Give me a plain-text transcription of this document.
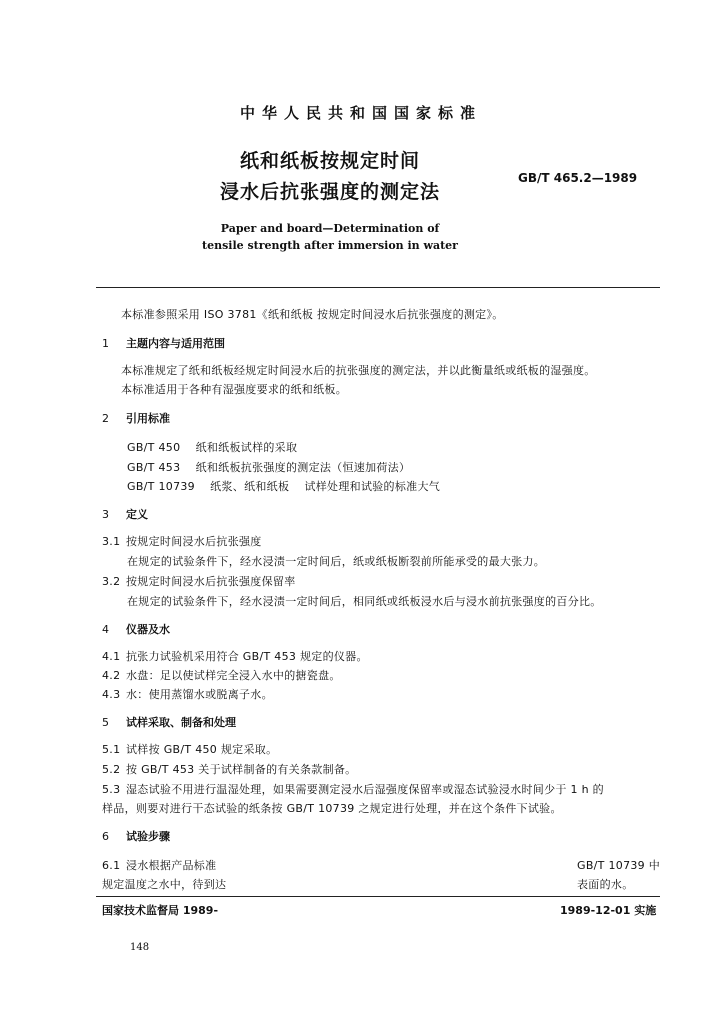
中华人民共和国国家标准
纸和纸板按规定时间
浸水后抗张强度的测定法
GB/T 465.2—1989
Paper and board—Determination of
tensile strength after immersion in water
本标准参照采用 ISO 3781《纸和纸板 按规定时间浸水后抗张强度的测定》。
1 主题内容与适用范围
本标准规定了纸和纸板经规定时间浸水后的抗张强度的测定法，并以此衡量纸或纸板的湿强度。
本标准适用于各种有湿强度要求的纸和纸板。
2 引用标准
GB/T 450    纸和纸板试样的采取
GB/T 453    纸和纸板抗张强度的测定法（恒速加荷法）
GB/T 10739    纸浆、纸和纸板    试样处理和试验的标准大气
3 定义
3.1 按规定时间浸水后抗张强度
在规定的试验条件下，经水浸渍一定时间后，纸或纸板断裂前所能承受的最大张力。
3.2 按规定时间浸水后抗张强度保留率
在规定的试验条件下，经水浸渍一定时间后，相同纸或纸板浸水后与浸水前抗张强度的百分比。
4 仪器及水
4.1 抗张力试验机采用符合 GB/T 453 规定的仪器。
4.2 水盘：足以使试样完全浸入水中的搪瓷盘。
4.3 水：使用蒸馏水或脱离子水。
5 试样采取、制备和处理
5.1 试样按 GB/T 450 规定采取。
5.2 按 GB/T 453 关于试样制备的有关条款制备。
5.3 湿态试验不用进行温湿处理，如果需要测定浸水后湿强度保留率或湿态试验浸水时间少于 1 h 的
样品，则要对进行干态试验的纸条按 GB/T 10739 之规定进行处理，并在这个条件下试验。
6 试验步骤
6.1 浸水根据产品标准	GB/T 10739 中
规定温度之水中，待到达	表面的水。
国家技术监督局 1989-	1989-12-01 实施
148
